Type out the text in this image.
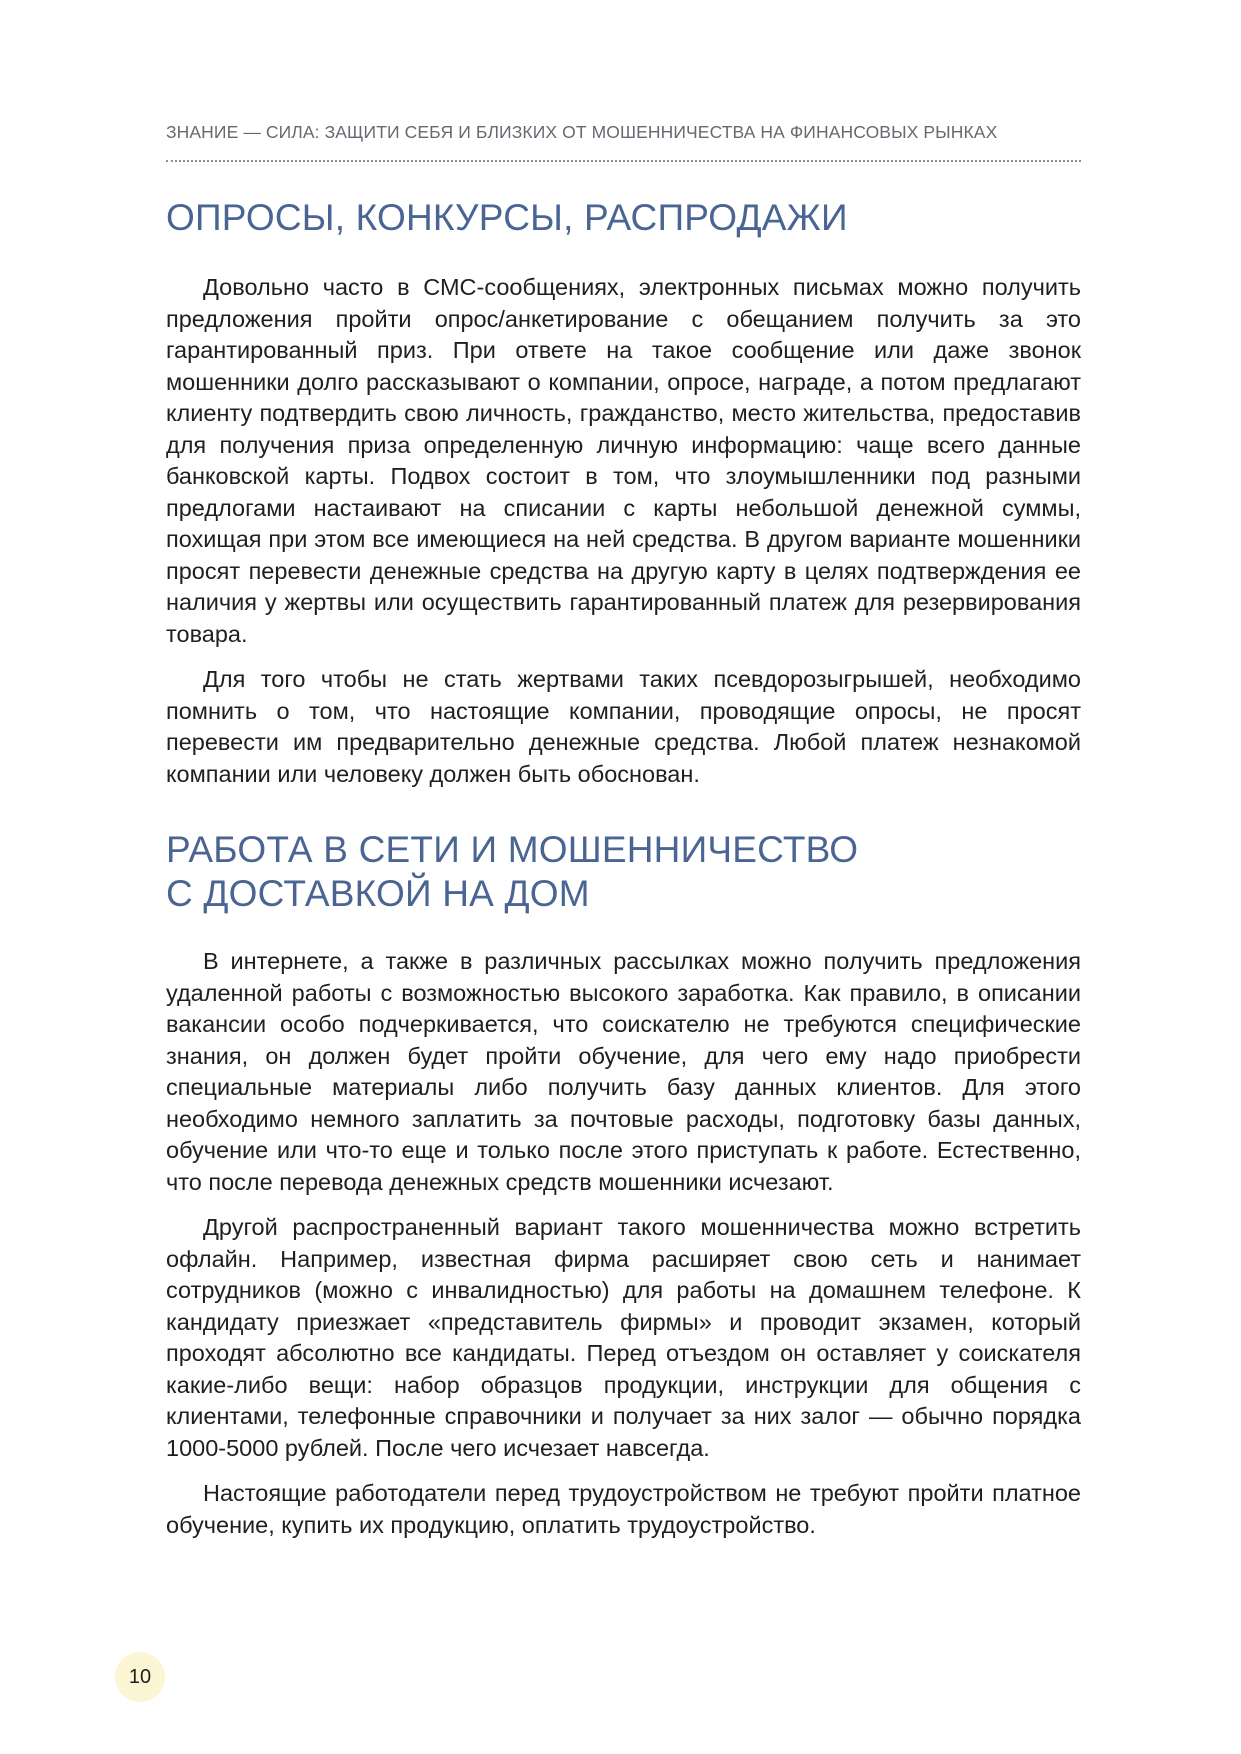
ЗНАНИЕ — СИЛА: ЗАЩИТИ СЕБЯ И БЛИЗКИХ ОТ МОШЕННИЧЕСТВА НА ФИНАНСОВЫХ РЫНКАХ
ОПРОСЫ, КОНКУРСЫ, РАСПРОДАЖИ

Довольно часто в СМС-сообщениях, электронных письмах можно получить предложения пройти опрос/анкетирование с обещанием получить за это гарантированный приз. При ответе на такое сообщение или даже звонок мошенники долго рассказывают о компании, опросе, награде, а потом предлагают клиенту подтвердить свою личность, гражданство, место жительства, предоставив для получения приза определенную личную информацию: чаще всего данные банковской карты. Подвох состоит в том, что злоумышленники под разными предлогами настаивают на списании с карты небольшой денежной суммы, похищая при этом все имеющиеся на ней средства. В другом варианте мошенники просят перевести денежные средства на другую карту в целях подтверждения ее наличия у жертвы или осуществить гарантированный платеж для резервирования товара.

Для того чтобы не стать жертвами таких псевдорозыгрышей, необходимо помнить о том, что настоящие компании, проводящие опросы, не просят перевести им предварительно денежные средства. Любой платеж незнакомой компании или человеку должен быть обоснован.

РАБОТА В СЕТИ И МОШЕННИЧЕСТВО
С ДОСТАВКОЙ НА ДОМ

В интернете, а также в различных рассылках можно получить предложения удаленной работы с возможностью высокого заработка. Как правило, в описании вакансии особо подчеркивается, что соискателю не требуются специфические знания, он должен будет пройти обучение, для чего ему надо приобрести специальные материалы либо получить базу данных клиентов. Для этого необходимо немного заплатить за почтовые расходы, подготовку базы данных, обучение или что-то еще и только после этого приступать к работе. Естественно, что после перевода денежных средств мошенники исчезают.

Другой распространенный вариант такого мошенничества можно встретить офлайн. Например, известная фирма расширяет свою сеть и нанимает сотрудников (можно с инвалидностью) для работы на домашнем телефоне. К кандидату приезжает «представитель фирмы» и проводит экзамен, который проходят абсолютно все кандидаты. Перед отъездом он оставляет у соискателя какие-либо вещи: набор образцов продукции, инструкции для общения с клиентами, телефонные справочники и получает за них залог — обычно порядка 1000-5000 рублей. После чего исчезает навсегда.

Настоящие работодатели перед трудоустройством не требуют пройти платное обучение, купить их продукцию, оплатить трудоустройство.

10
